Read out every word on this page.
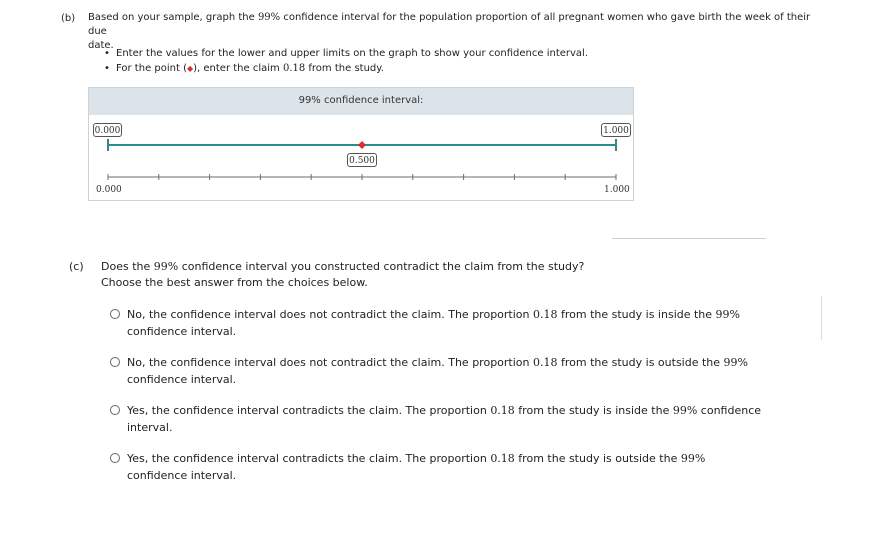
(b) Based on your sample, graph the 99% confidence interval for the population proportion of all pregnant women who gave birth the week of their due
date.
• Enter the values for the lower and upper limits on the graph to show your confidence interval.
• For the point (◆), enter the claim 0.18 from the study.
99% confidence interval:
0.000	1.000
0.500
0.000	1.000
(c) Does the 99% confidence interval you constructed contradict the claim from the study?
Choose the best answer from the choices below.
No, the confidence interval does not contradict the claim. The proportion 0.18 from the study is inside the 99%
confidence interval.
No, the confidence interval does not contradict the claim. The proportion 0.18 from the study is outside the 99%
confidence interval.
Yes, the confidence interval contradicts the claim. The proportion 0.18 from the study is inside the 99% confidence
interval.
Yes, the confidence interval contradicts the claim. The proportion 0.18 from the study is outside the 99%
confidence interval.
